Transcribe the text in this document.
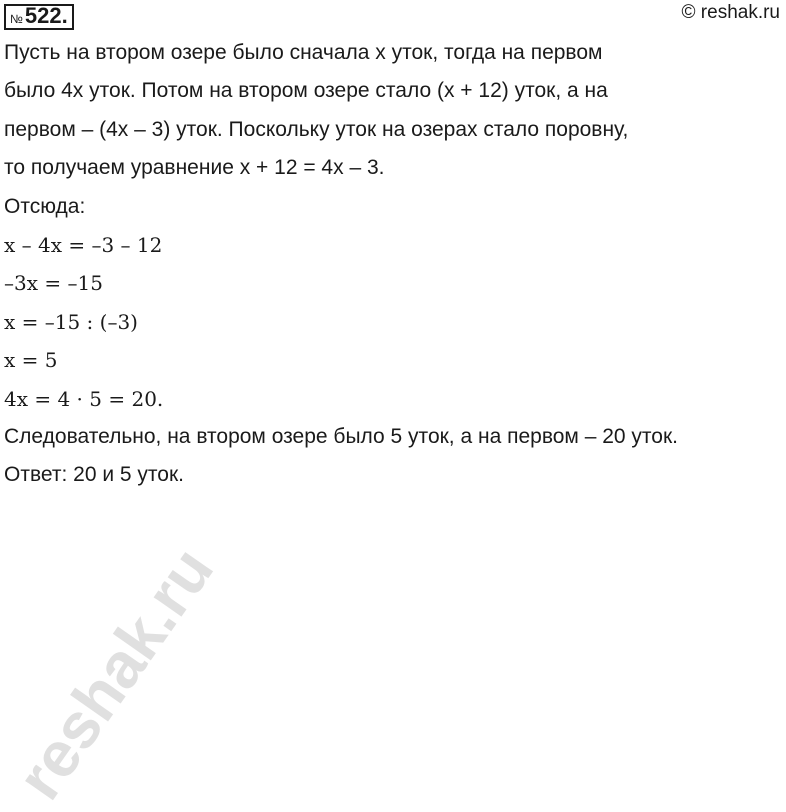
№ 522.	© reshak.ru
Пусть на втором озере было сначала x уток, тогда на первом
было 4x уток. Потом на втором озере стало (x + 12) уток, а на
первом – (4x – 3) уток. Поскольку уток на озерах стало поровну,
то получаем уравнение x + 12 = 4x – 3.
Отсюда:
x – 4x = –3 – 12
–3x = –15
x = –15 : (–3)
x = 5
4x = 4 · 5 = 20.
Следовательно, на втором озере было 5 уток, а на первом – 20 уток.
Ответ: 20 и 5 уток.
reshak.ru
